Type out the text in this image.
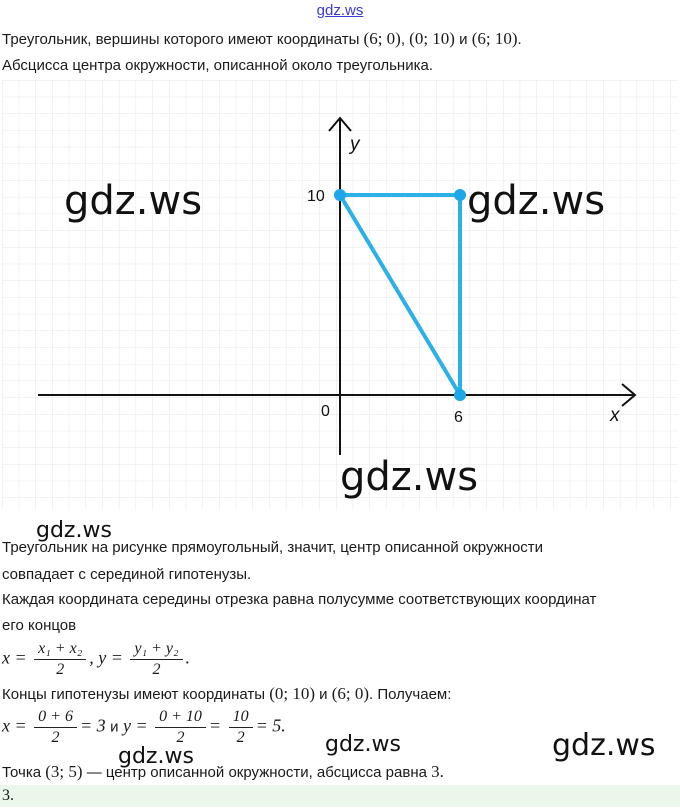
gdz.ws
Треугольник, вершины которого имеют координаты (6; 0), (0; 10) и (6; 10).
Абсцисса центра окружности, описанной около треугольника.
x
y
0	6
10
gdz.ws	gdz.ws
gdz.ws
gdz.ws
Треугольник на рисунке прямоугольный, значит, центр описанной окружности
совпадает с серединой гипотенузы.
Каждая координата середины отрезка равна полусумме соответствующих координат
его концов
$x = \frac{\text{x₁ + x₂}}{2}$ , $y = \frac{\text{y₁ + y₂}}{2}$ .
Концы гипотенузы имеют координаты (0; 10) и (6; 0). Получаем:
$x = \frac{0 + 6}{2} = 3$ и $y = \frac{0 + 10}{2} = \frac{10}{2} = 5$.
gdz.ws	gdz.ws	gdz.ws
Точка (3; 5) — центр описанной окружности, абсцисса равна 3.
3.
